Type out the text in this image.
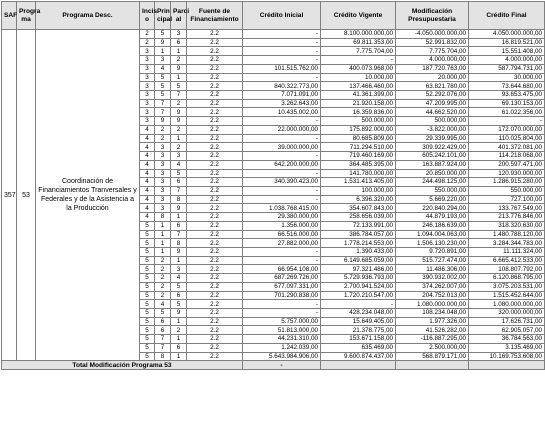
SAF	Progra ma	Programa Desc.	Incis o	Prin cipal	Parci al	Fuente de Financiamiento	Crédito Inicial	Crédito Vigente	Modificación Presupuestaria	Crédito Final
357	53	Coordinación de Financiamientos Tranversales y Federales y de la Asistencia a la Producción	2	5	3	2.2	-	8.100.000.000,00	-4.050.000.000,00	4.050.000.000,00
			2	9	6	2.2	-	69.811.353,00	52.991.832,00	16.819.521,00
			3	1	1	2.2	-	7.775.704,00	7.775.704,00	15.551.408,00
			3	3	2	2.2	-	-	4.000.000,00	4.000.000,00
			3	4	9	2.2	101.515.762,00	400.073.968,00	187.720.763,00	587.794.731,00
			3	5	1	2.2	-	10.000,00	20.000,00	30.000,00
			3	5	5	2.2	840.322.773,00	137.466.460,00	63.821.780,00	73.644.680,00
			3	5	7	2.2	7.071.091,00	41.361.399,00	52.292.076,00	93.653.475,00
			3	7	2	2.2	3.262.643,00	21.920.158,00	47.209.995,00	69.130.153,00
			3	7	9	2.2	10.435.002,00	16.359.836,00	44.662.520,00	61.022.356,00
			3	9	9	2.2	-	500.000,00	500.000,00	-
			4	2	2	2.2	22.000.000,00	175.892.000,00	-3.822.000,00	172.070.000,00
			4	2	1	2.2	-	80.685.809,00	29.339.995,00	110.025.804,00
			4	3	2	2.2	39.000.000,00	711.294.510,00	309.922.429,00	401.372.081,00
			4	3	3	2.2	-	719.460.169,00	605.242.101,00	114.218.068,00
			4	3	4	2.2	642.200.000,00	364.485.395,00	163.887.924,00	200.597.471,00
			4	3	5	2.2	-	141.780.000,00	20.850.000,00	120.930.000,00
			4	3	6	2.2	340.390.423,00	1.531.413.405,00	244.498.125,00	1.286.915.280,00
			4	3	7	2.2	-	100.000,00	550.000,00	550.000,00
			4	3	8	2.2	-	6.396.320,00	5.669.220,00	727.100,00
			4	3	9	2.2	1.038.768.415,00	354.607.843,00	220.840.294,00	133.767.549,00
			4	8	1	2.2	29.380.000,00	258.656.039,00	44.879.193,00	213.776.846,00
			5	1	6	2.2	1.356.000,00	72.133.991,00	246.186.639,00	318.320.630,00
			5	1	7	2.2	66.516.000,00	386.784.057,00	1.094.004.063,00	1.480.788.120,00
			5	1	8	2.2	27.882.000,00	1.778.214.553,00	1.506.130.230,00	3.284.344.783,00
			5	1	9	2.2	-	1.390.433,00	9.720.891,00	11.111.324,00
			5	2	1	2.2	-	6.149.685.059,00	515.727.474,00	6.665.412.533,00
			5	2	3	2.2	66.954.108,00	97.321.486,00	11.486.306,00	108.807.792,00
			5	2	4	2.2	687.269.726,00	5.729.936.793,00	390.932.002,00	6.120.868.795,00
			5	2	5	2.2	677.097.331,00	2.700.941.524,00	374.262.007,00	3.075.203.531,00
			5	2	6	2.2	701.290.838,00	1.720.210.547,00	204.752.013,00	1.515.452.644,00
			5	4	5	2.2	-	-	1.080.000.000,00	1.080.000.000,00
			5	5	9	2.2	-	428.234.048,00	108.234.048,00	320.000.000,00
			5	6	1	2.2	5.757.000,00	15.649.405,00	1.977.326,00	17.626.731,00
			5	6	2	2.2	51.813.000,00	21.378.775,00	41.526.282,00	62.905.057,00
			5	7	1	2.2	44.231.310,00	153.671.158,00	-116.887.295,00	36.784.563,00
			5	7	6	2.2	1.242.039,00	635.469,00	2.500.000,00	3.135.469,00
			5	8	1	2.2	5.643.984.906,00	9.600.874.437,00	568.879.171,00	10.169.753.608,00
Total Modificación Programa 53							-			
